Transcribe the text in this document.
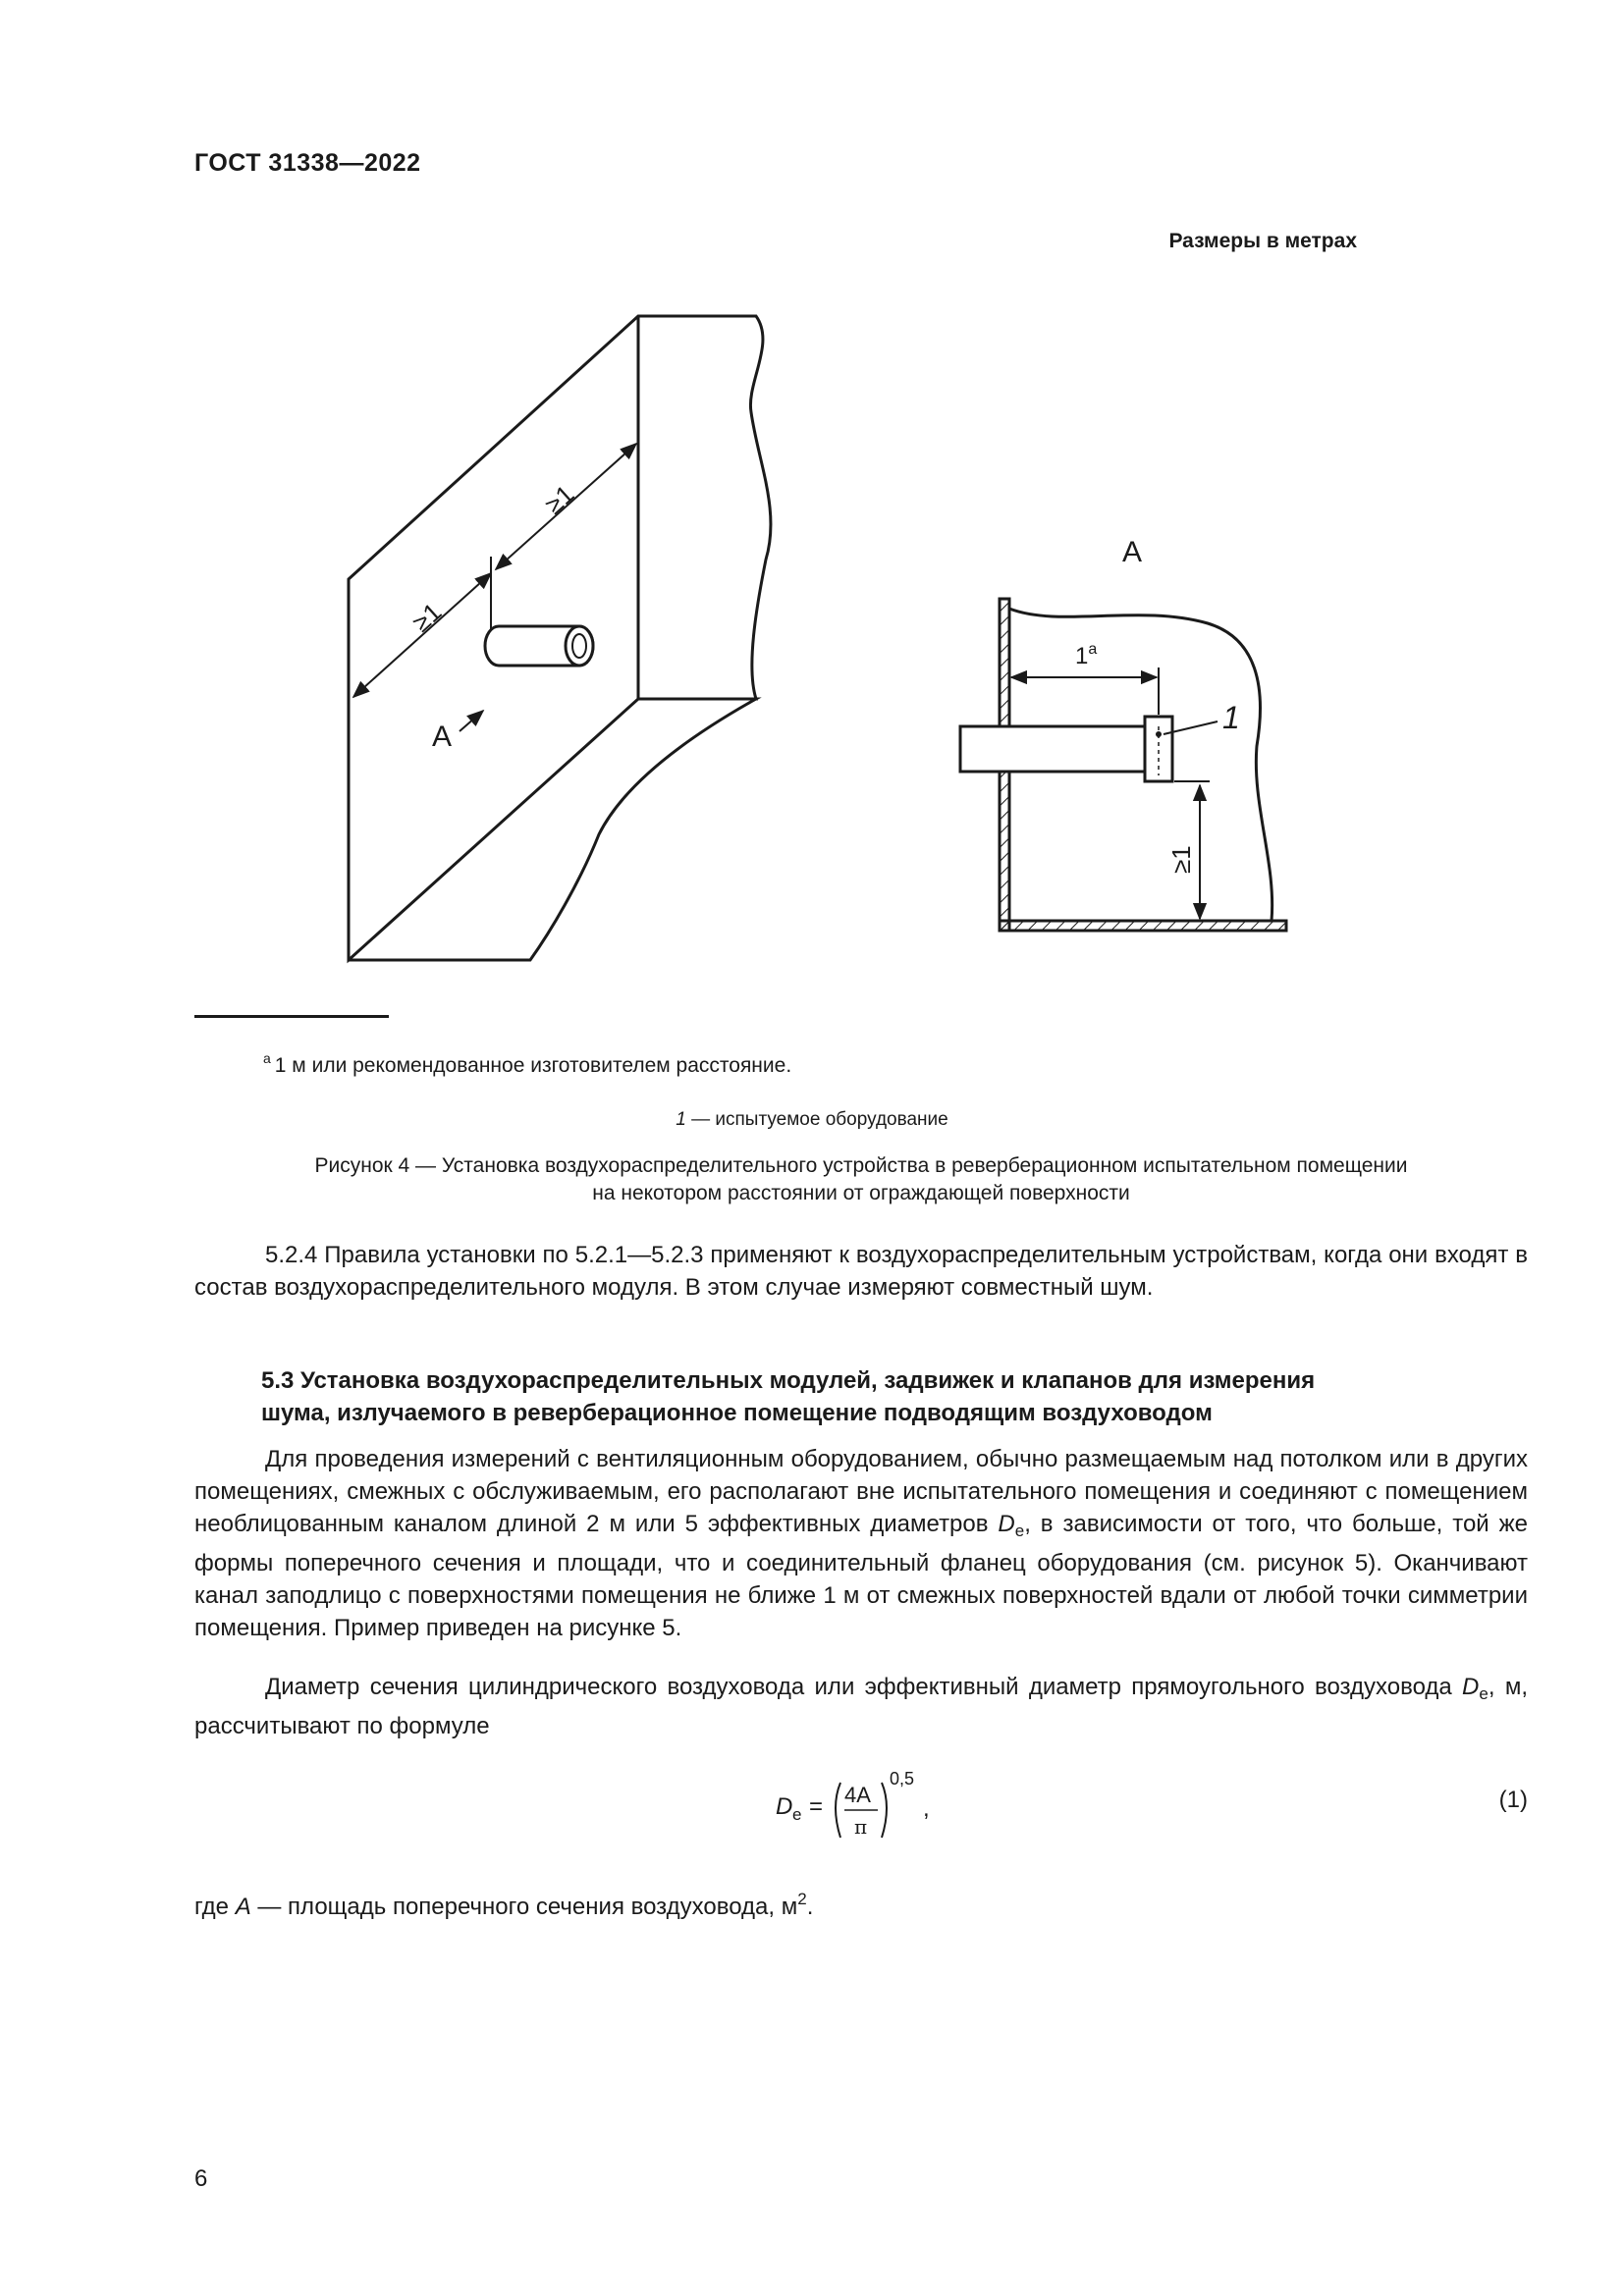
ГОСТ 31338—2022
Размеры в метрах
≥1
≥1
A
A
$1^а$
≥1
1
$^а$ 1 м или рекомендованное изготовителем расстояние.
1 — испытуемое оборудование
Рисунок 4 — Установка воздухораспределительного устройства в реверберационном испытательном помещении
на некотором расстоянии от ограждающей поверхности

5.2.4 Правила установки по 5.2.1—5.2.3 применяют к воздухораспределительным устройствам, когда они входят в состав воздухораспределительного модуля. В этом случае измеряют совместный шум.

5.3 Установка воздухораспределительных модулей, задвижек и клапанов для измерения
шума, излучаемого в реверберационное помещение подводящим воздуховодом

Для проведения измерений с вентиляционным оборудованием, обычно размещаемым над потолком или в других помещениях, смежных с обслуживаемым, его располагают вне испытательного помещения и соединяют с помещением необлицованным каналом длиной 2 м или 5 эффективных диаметров $D_e$, в зависимости от того, что больше, той же формы поперечного сечения и площади, что и соединительный фланец оборудования (см. рисунок 5). Оканчивают канал заподлицо с поверхностями помещения не ближе 1 м от смежных поверхностей вдали от любой точки симметрии помещения. Пример приведен на рисунке 5.

Диаметр сечения цилиндрического воздуховода или эффективный диаметр прямоугольного воздуховода $D_e$, м, рассчитывают по формуле

D e = 4A
π
0,5
,	(1)
где A — площадь поперечного сечения воздуховода, $м^2$.
6
